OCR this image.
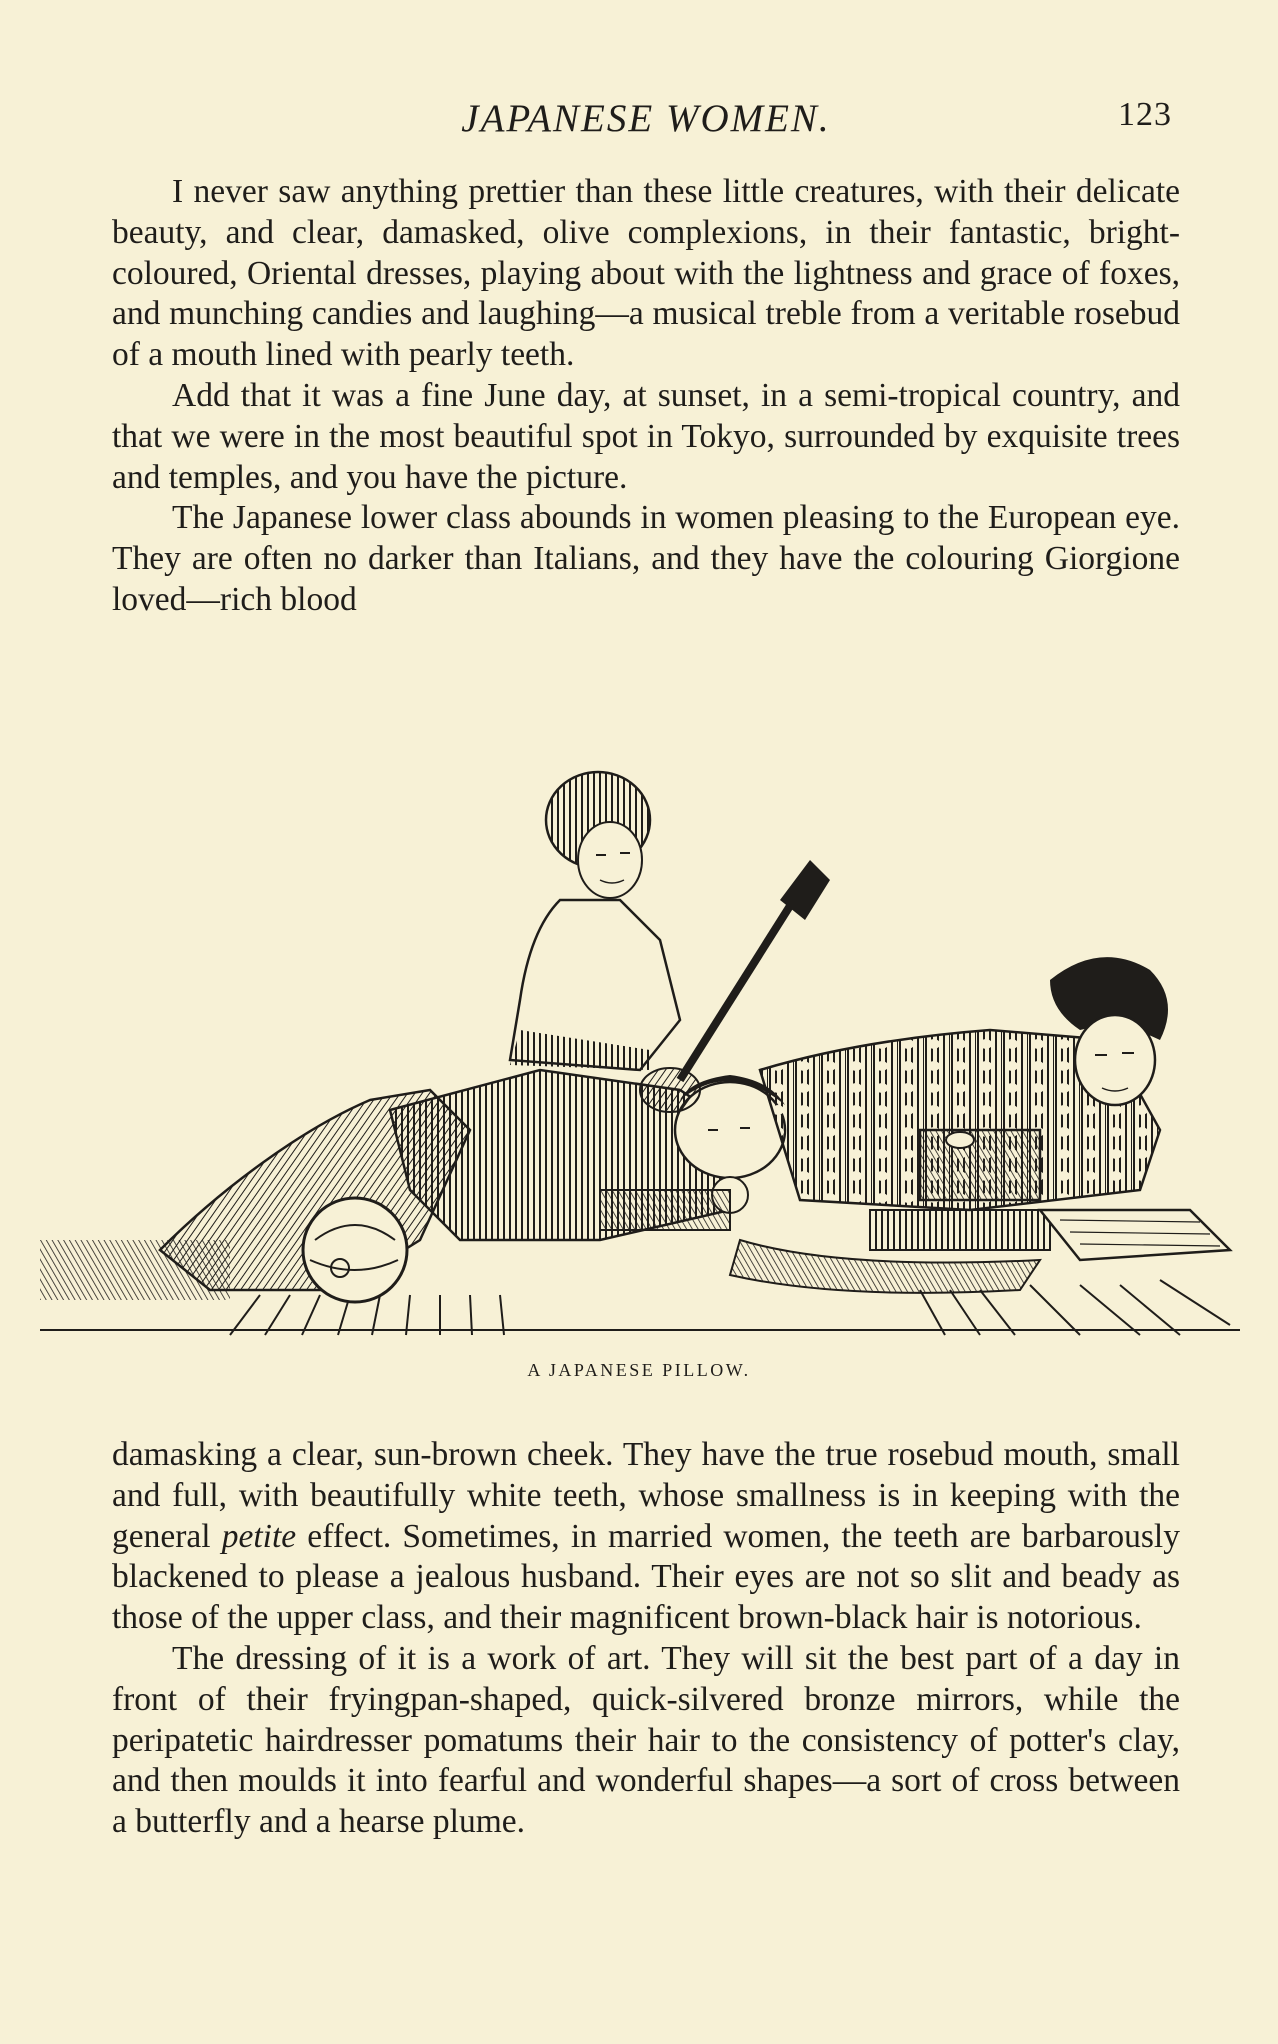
JAPANESE WOMEN.	123

I never saw anything prettier than these little creatures, with their delicate beauty, and clear, damasked, olive complexions, in their fantastic, bright-coloured, Oriental dresses, playing about with the lightness and grace of foxes, and munching candies and laughing—a musical treble from a veritable rosebud of a mouth lined with pearly teeth.

Add that it was a fine June day, at sunset, in a semi-tropical country, and that we were in the most beautiful spot in Tokyo, surrounded by exquisite trees and temples, and you have the picture.

The Japanese lower class abounds in women pleasing to the European eye. They are often no darker than Italians, and they have the colouring Giorgione loved—rich blood

A JAPANESE PILLOW.

damasking a clear, sun-brown cheek. They have the true rosebud mouth, small and full, with beautifully white teeth, whose smallness is in keeping with the general petite effect. Sometimes, in married women, the teeth are barbarously blackened to please a jealous husband. Their eyes are not so slit and beady as those of the upper class, and their magnificent brown-black hair is notorious.

The dressing of it is a work of art. They will sit the best part of a day in front of their fryingpan-shaped, quick-silvered bronze mirrors, while the peripatetic hairdresser pomatums their hair to the consistency of potter's clay, and then moulds it into fearful and wonderful shapes—a sort of cross between a butterfly and a hearse plume.
